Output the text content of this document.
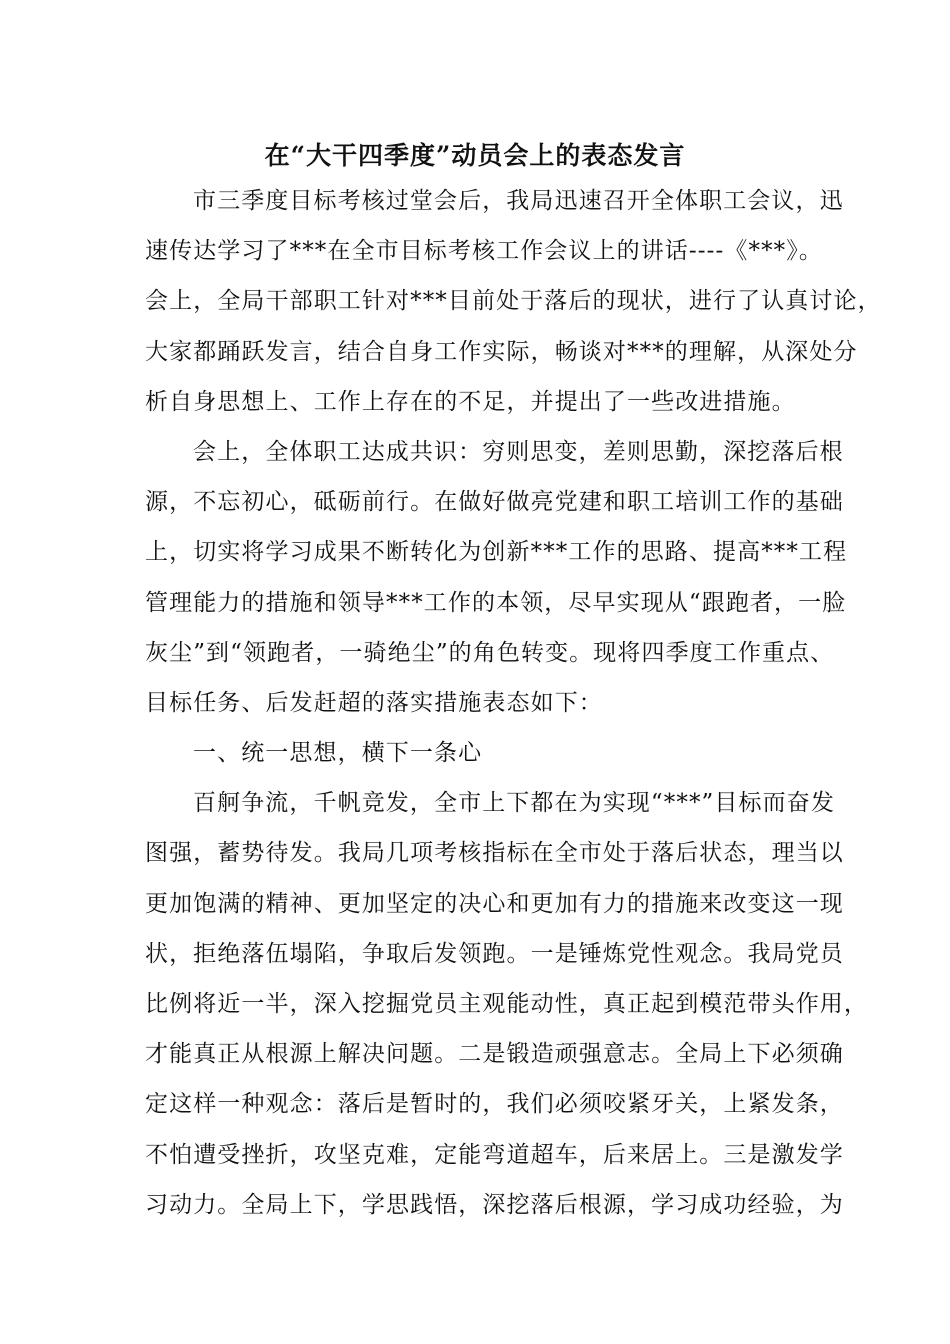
在“大干四季度”动员会上的表态发言
市三季度目标考核过堂会后，我局迅速召开全体职工会议，迅
速传达学习了***在全市目标考核工作会议上的讲话----《***》。
会上，全局干部职工针对***目前处于落后的现状，进行了认真讨论，
大家都踊跃发言，结合自身工作实际，畅谈对***的理解，从深处分
析自身思想上、工作上存在的不足，并提出了一些改进措施。
会上，全体职工达成共识：穷则思变，差则思勤，深挖落后根
源，不忘初心，砥砺前行。在做好做亮党建和职工培训工作的基础
上，切实将学习成果不断转化为创新***工作的思路、提高***工程
管理能力的措施和领导***工作的本领，尽早实现从“跟跑者，一脸
灰尘”到“领跑者，一骑绝尘”的角色转变。现将四季度工作重点、
目标任务、后发赶超的落实措施表态如下：
一、统一思想，横下一条心
百舸争流，千帆竞发，全市上下都在为实现“***”目标而奋发
图强，蓄势待发。我局几项考核指标在全市处于落后状态，理当以
更加饱满的精神、更加坚定的决心和更加有力的措施来改变这一现
状，拒绝落伍塌陷，争取后发领跑。一是锤炼党性观念。我局党员
比例将近一半，深入挖掘党员主观能动性，真正起到模范带头作用，
才能真正从根源上解决问题。二是锻造顽强意志。全局上下必须确
定这样一种观念：落后是暂时的，我们必须咬紧牙关，上紧发条，
不怕遭受挫折，攻坚克难，定能弯道超车，后来居上。三是激发学
习动力。全局上下，学思践悟，深挖落后根源，学习成功经验，为
